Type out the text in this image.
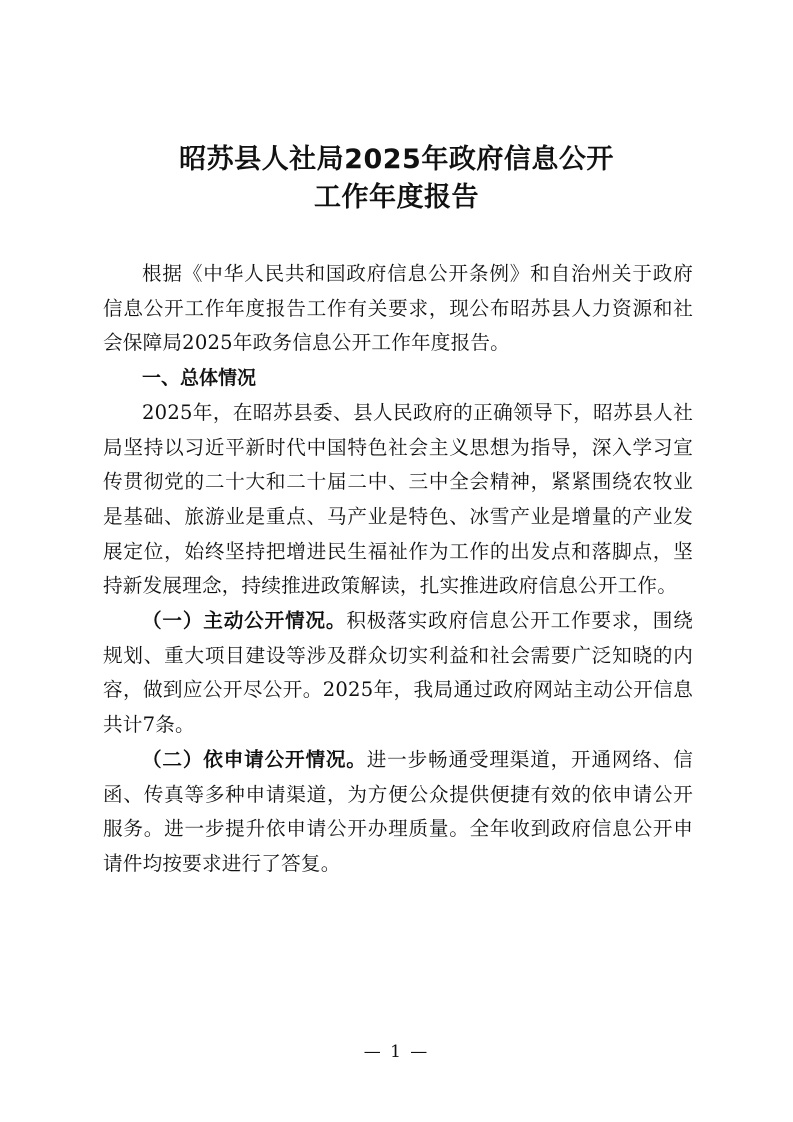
昭苏县人社局2025年政府信息公开
工作年度报告

根据《中华人民共和国政府信息公开条例》和自治州关于政府信息公开工作年度报告工作有关要求，现公布昭苏县人力资源和社会保障局2025年政务信息公开工作年度报告。

一、总体情况

2025年，在昭苏县委、县人民政府的正确领导下，昭苏县人社局坚持以习近平新时代中国特色社会主义思想为指导，深入学习宣传贯彻党的二十大和二十届二中、三中全会精神，紧紧围绕农牧业是基础、旅游业是重点、马产业是特色、冰雪产业是增量的产业发展定位，始终坚持把增进民生福祉作为工作的出发点和落脚点，坚持新发展理念，持续推进政策解读，扎实推进政府信息公开工作。

（一）主动公开情况。积极落实政府信息公开工作要求，围绕规划、重大项目建设等涉及群众切实利益和社会需要广泛知晓的内容，做到应公开尽公开。2025年，我局通过政府网站主动公开信息共计7条。

（二）依申请公开情况。进一步畅通受理渠道，开通网络、信函、传真等多种申请渠道，为方便公众提供便捷有效的依申请公开服务。进一步提升依申请公开办理质量。全年收到政府信息公开申请件均按要求进行了答复。

— 1 —
